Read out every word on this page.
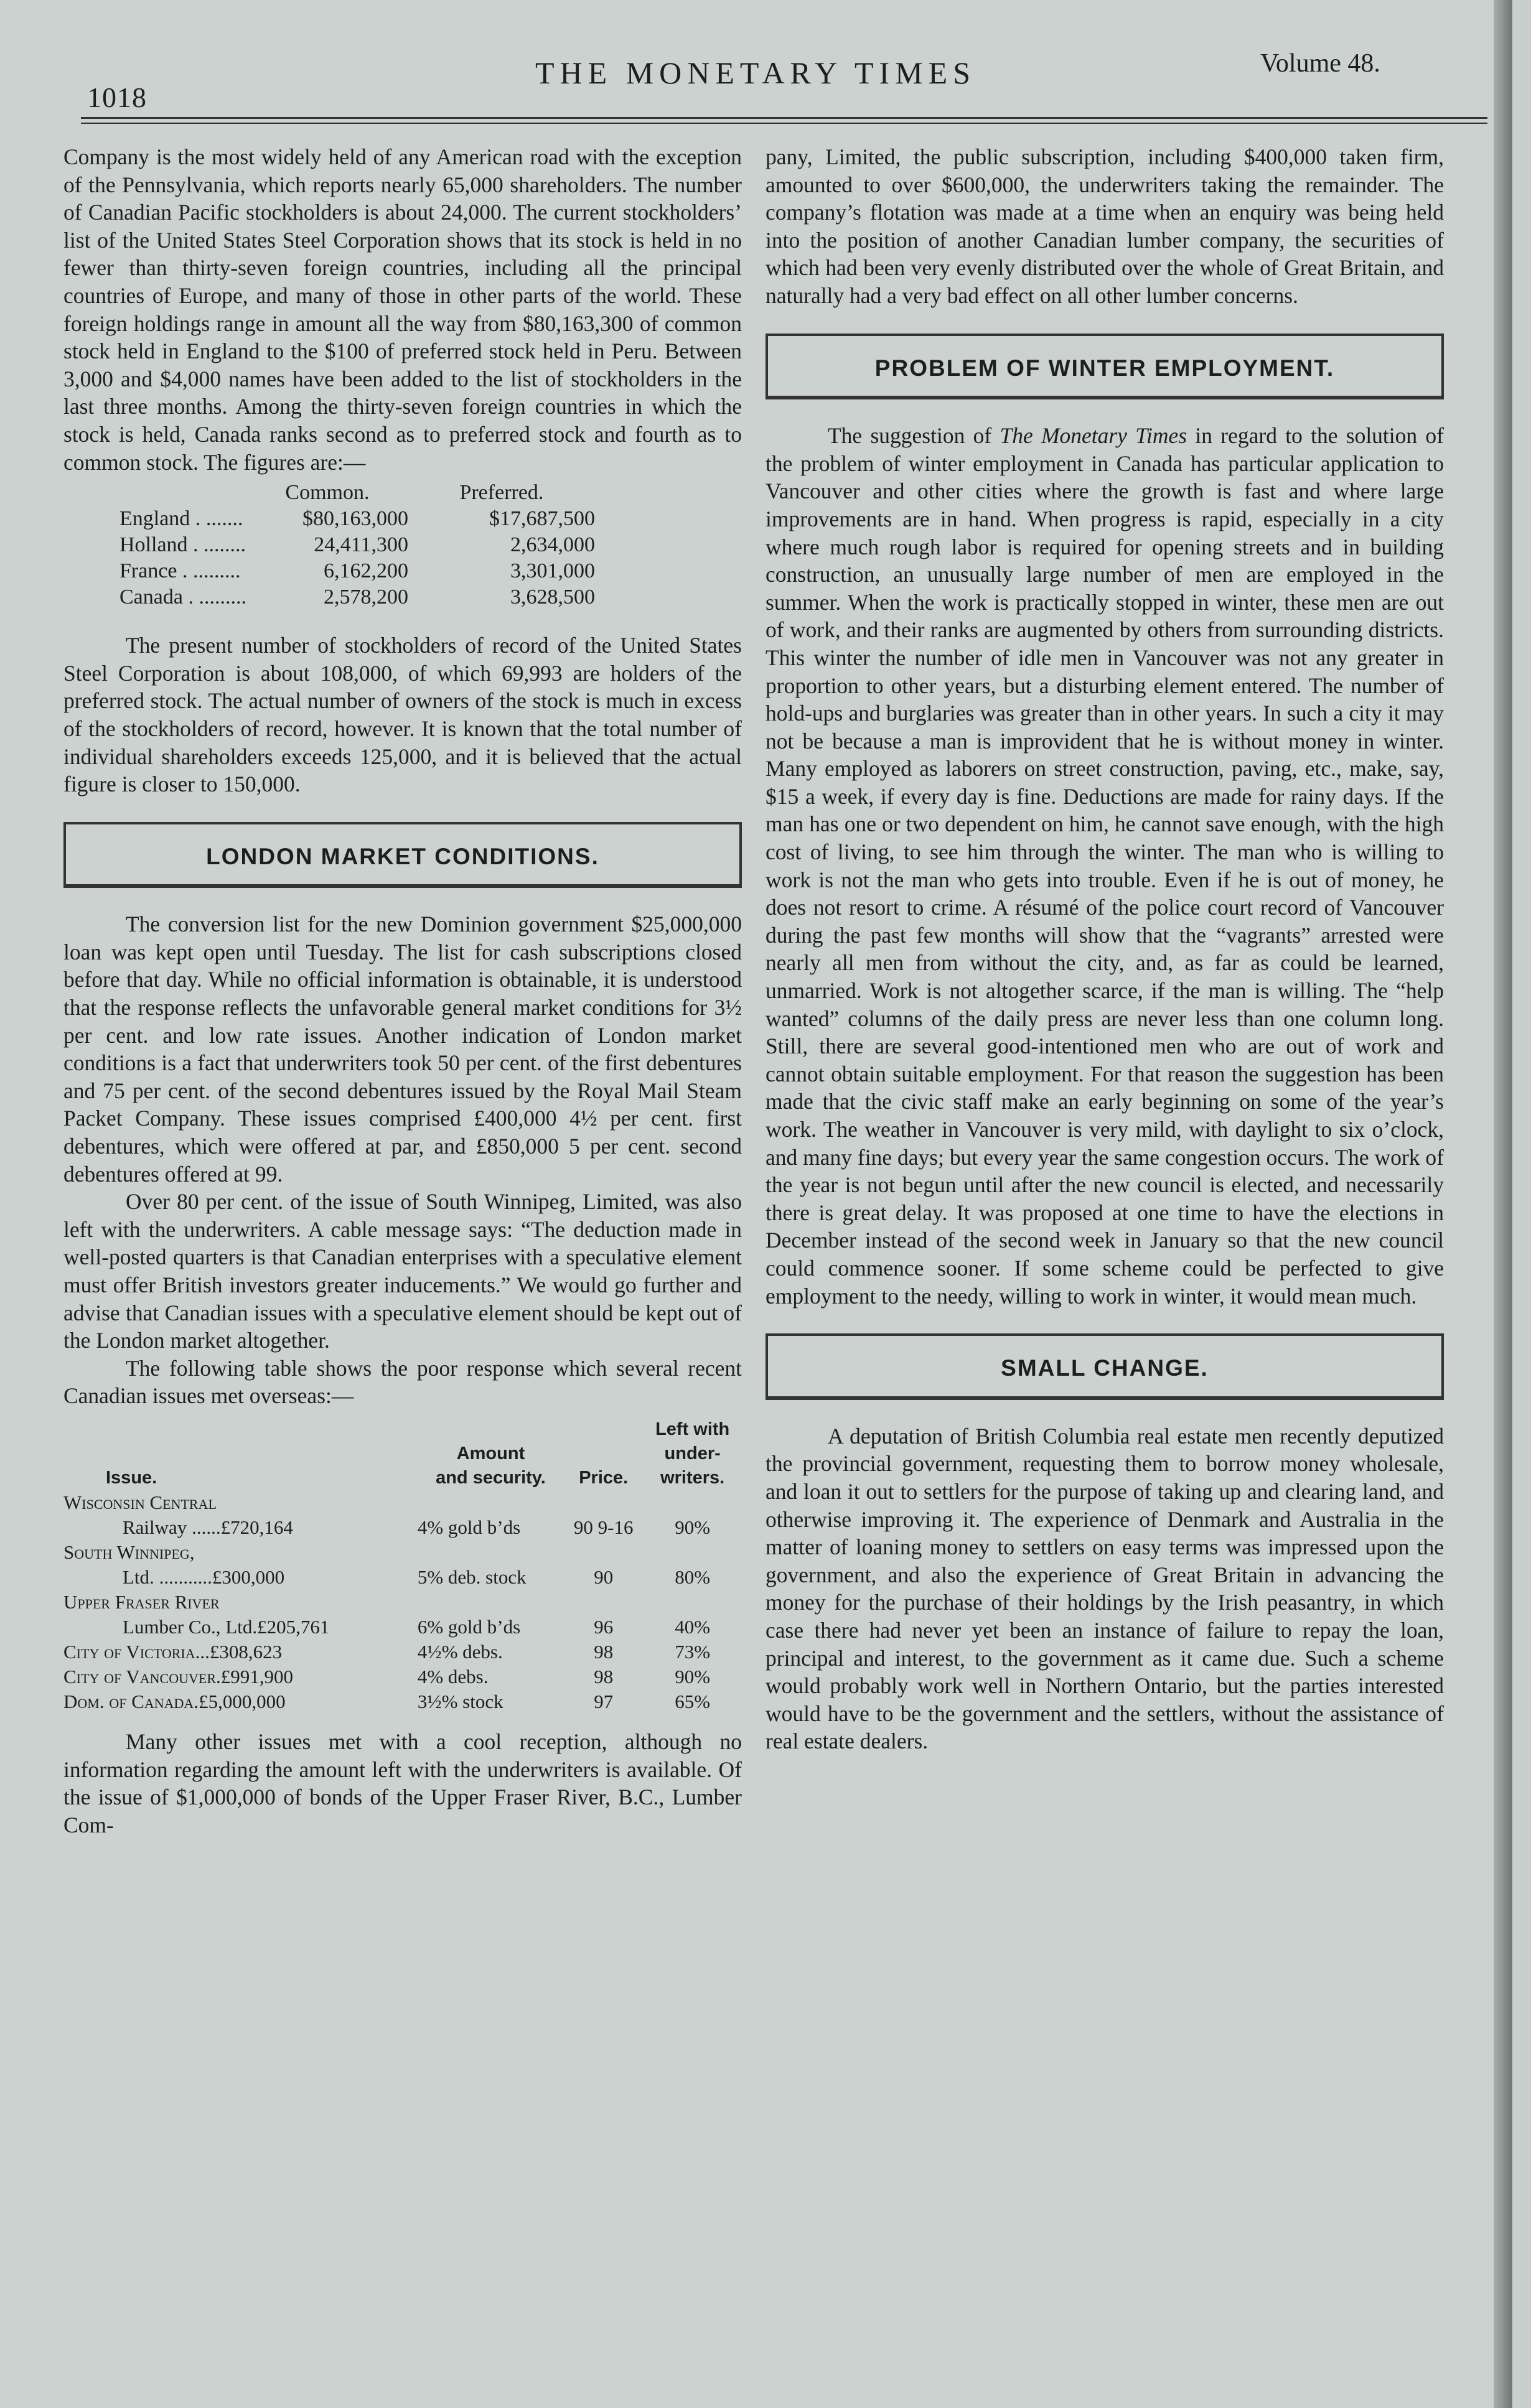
1018
THE MONETARY TIMES	Volume 48.

Company is the most widely held of any American road with the exception of the Pennsylvania, which reports nearly 65,000 shareholders. The number of Canadian Pacific stockholders is about 24,000. The current stockholders’ list of the United States Steel Corporation shows that its stock is held in no fewer than thirty-seven foreign countries, including all the principal countries of Europe, and many of those in other parts of the world. These foreign holdings range in amount all the way from $80,163,300 of common stock held in England to the $100 of preferred stock held in Peru. Between 3,000 and $4,000 names have been added to the list of stockholders in the last three months. Among the thirty-seven foreign countries in which the stock is held, Canada ranks second as to preferred stock and fourth as to common stock. The figures are:—

	Common.	Preferred.
England . .......	$80,163,000	$17,687,500
Holland . ........	24,411,300	2,634,000
France . .........	6,162,200	3,301,000
Canada . .........	2,578,200	3,628,500

The present number of stockholders of record of the United States Steel Corporation is about 108,000, of which 69,993 are holders of the preferred stock. The actual number of owners of the stock is much in excess of the stockholders of record, however. It is known that the total number of individual shareholders exceeds 125,000, and it is believed that the actual figure is closer to 150,000.

LONDON MARKET CONDITIONS.

The conversion list for the new Dominion government $25,000,000 loan was kept open until Tuesday. The list for cash subscriptions closed before that day. While no official information is obtainable, it is understood that the response reflects the unfavorable general market conditions for 3½ per cent. and low rate issues. Another indication of London market conditions is a fact that underwriters took 50 per cent. of the first debentures and 75 per cent. of the second debentures issued by the Royal Mail Steam Packet Company. These issues comprised £400,000 4½ per cent. first debentures, which were offered at par, and £850,000 5 per cent. second debentures offered at 99.

Over 80 per cent. of the issue of South Winnipeg, Limited, was also left with the underwriters. A cable message says: “The deduction made in well-posted quarters is that Canadian enterprises with a speculative element must offer British investors greater inducements.” We would go further and advise that Canadian issues with a speculative element should be kept out of the London market altogether.

The following table shows the poor response which several recent Canadian issues met overseas:—

			Left with
	Amount		under-
Issue.	and security.	Price.	writers.
Wisconsin Central			
Railway ......£720,164	4% gold b’ds	90 9-16	90%
South Winnipeg,			
Ltd. ...........£300,000	5% deb. stock	90	80%
Upper Fraser River			
Lumber Co., Ltd.£205,761	6% gold b’ds	96	40%
City of Victoria...£308,623	4½% debs.	98	73%
City of Vancouver.£991,900	4% debs.	98	90%
Dom. of Canada.£5,000,000	3½% stock	97	65%

Many other issues met with a cool reception, although no information regarding the amount left with the underwriters is available. Of the issue of $1,000,000 of bonds of the Upper Fraser River, B.C., Lumber Com-

pany, Limited, the public subscription, including $400,000 taken firm, amounted to over $600,000, the underwriters taking the remainder. The company’s flotation was made at a time when an enquiry was being held into the position of another Canadian lumber company, the securities of which had been very evenly distributed over the whole of Great Britain, and naturally had a very bad effect on all other lumber concerns.

PROBLEM OF WINTER EMPLOYMENT.

The suggestion of The Monetary Times in regard to the solution of the problem of winter employment in Canada has particular application to Vancouver and other cities where the growth is fast and where large improvements are in hand. When progress is rapid, especially in a city where much rough labor is required for opening streets and in building construction, an unusually large number of men are employed in the summer. When the work is practically stopped in winter, these men are out of work, and their ranks are augmented by others from surrounding districts. This winter the number of idle men in Vancouver was not any greater in proportion to other years, but a disturbing element entered. The number of hold-ups and burglaries was greater than in other years. In such a city it may not be because a man is improvident that he is without money in winter. Many employed as laborers on street construction, paving, etc., make, say, $15 a week, if every day is fine. Deductions are made for rainy days. If the man has one or two dependent on him, he cannot save enough, with the high cost of living, to see him through the winter. The man who is willing to work is not the man who gets into trouble. Even if he is out of money, he does not resort to crime. A résumé of the police court record of Vancouver during the past few months will show that the “vagrants” arrested were nearly all men from without the city, and, as far as could be learned, unmarried. Work is not altogether scarce, if the man is willing. The “help wanted” columns of the daily press are never less than one column long. Still, there are several good-intentioned men who are out of work and cannot obtain suitable employment. For that reason the suggestion has been made that the civic staff make an early beginning on some of the year’s work. The weather in Vancouver is very mild, with daylight to six o’clock, and many fine days; but every year the same congestion occurs. The work of the year is not begun until after the new council is elected, and necessarily there is great delay. It was proposed at one time to have the elections in December instead of the second week in January so that the new council could commence sooner. If some scheme could be perfected to give employment to the needy, willing to work in winter, it would mean much.

SMALL CHANGE.

A deputation of British Columbia real estate men recently deputized the provincial government, requesting them to borrow money wholesale, and loan it out to settlers for the purpose of taking up and clearing land, and otherwise improving it. The experience of Denmark and Australia in the matter of loaning money to settlers on easy terms was impressed upon the government, and also the experience of Great Britain in advancing the money for the purchase of their holdings by the Irish peasantry, in which case there had never yet been an instance of failure to repay the loan, principal and interest, to the government as it came due. Such a scheme would probably work well in Northern Ontario, but the parties interested would have to be the government and the settlers, without the assistance of real estate dealers.
